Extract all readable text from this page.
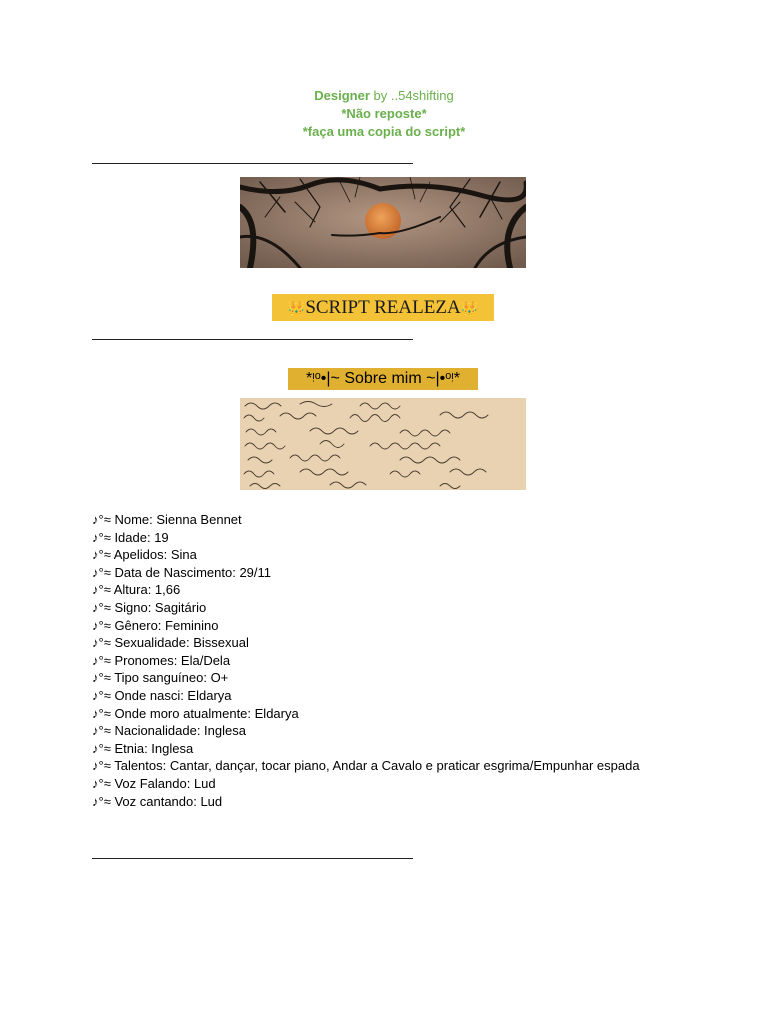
Designer by ..54shifting
*Não reposte*
*faça uma copia do script*
👑SCRIPT REALEZA👑
*ᵎᵒ•|~ Sobre mim ~|•ᵒᵎ*
♪°≈ Nome: Sienna Bennet
♪°≈ Idade: 19
♪°≈ Apelidos: Sina
♪°≈ Data de Nascimento: 29/11
♪°≈ Altura: 1,66
♪°≈ Signo: Sagitário
♪°≈ Gênero: Feminino
♪°≈ Sexualidade: Bissexual
♪°≈ Pronomes: Ela/Dela
♪°≈ Tipo sanguíneo: O+
♪°≈ Onde nasci: Eldarya
♪°≈ Onde moro atualmente: Eldarya
♪°≈ Nacionalidade: Inglesa
♪°≈ Etnia: Inglesa
♪°≈ Talentos: Cantar, dançar, tocar piano, Andar a Cavalo e praticar esgrima/Empunhar espada
♪°≈ Voz Falando: Lud
♪°≈ Voz cantando: Lud
